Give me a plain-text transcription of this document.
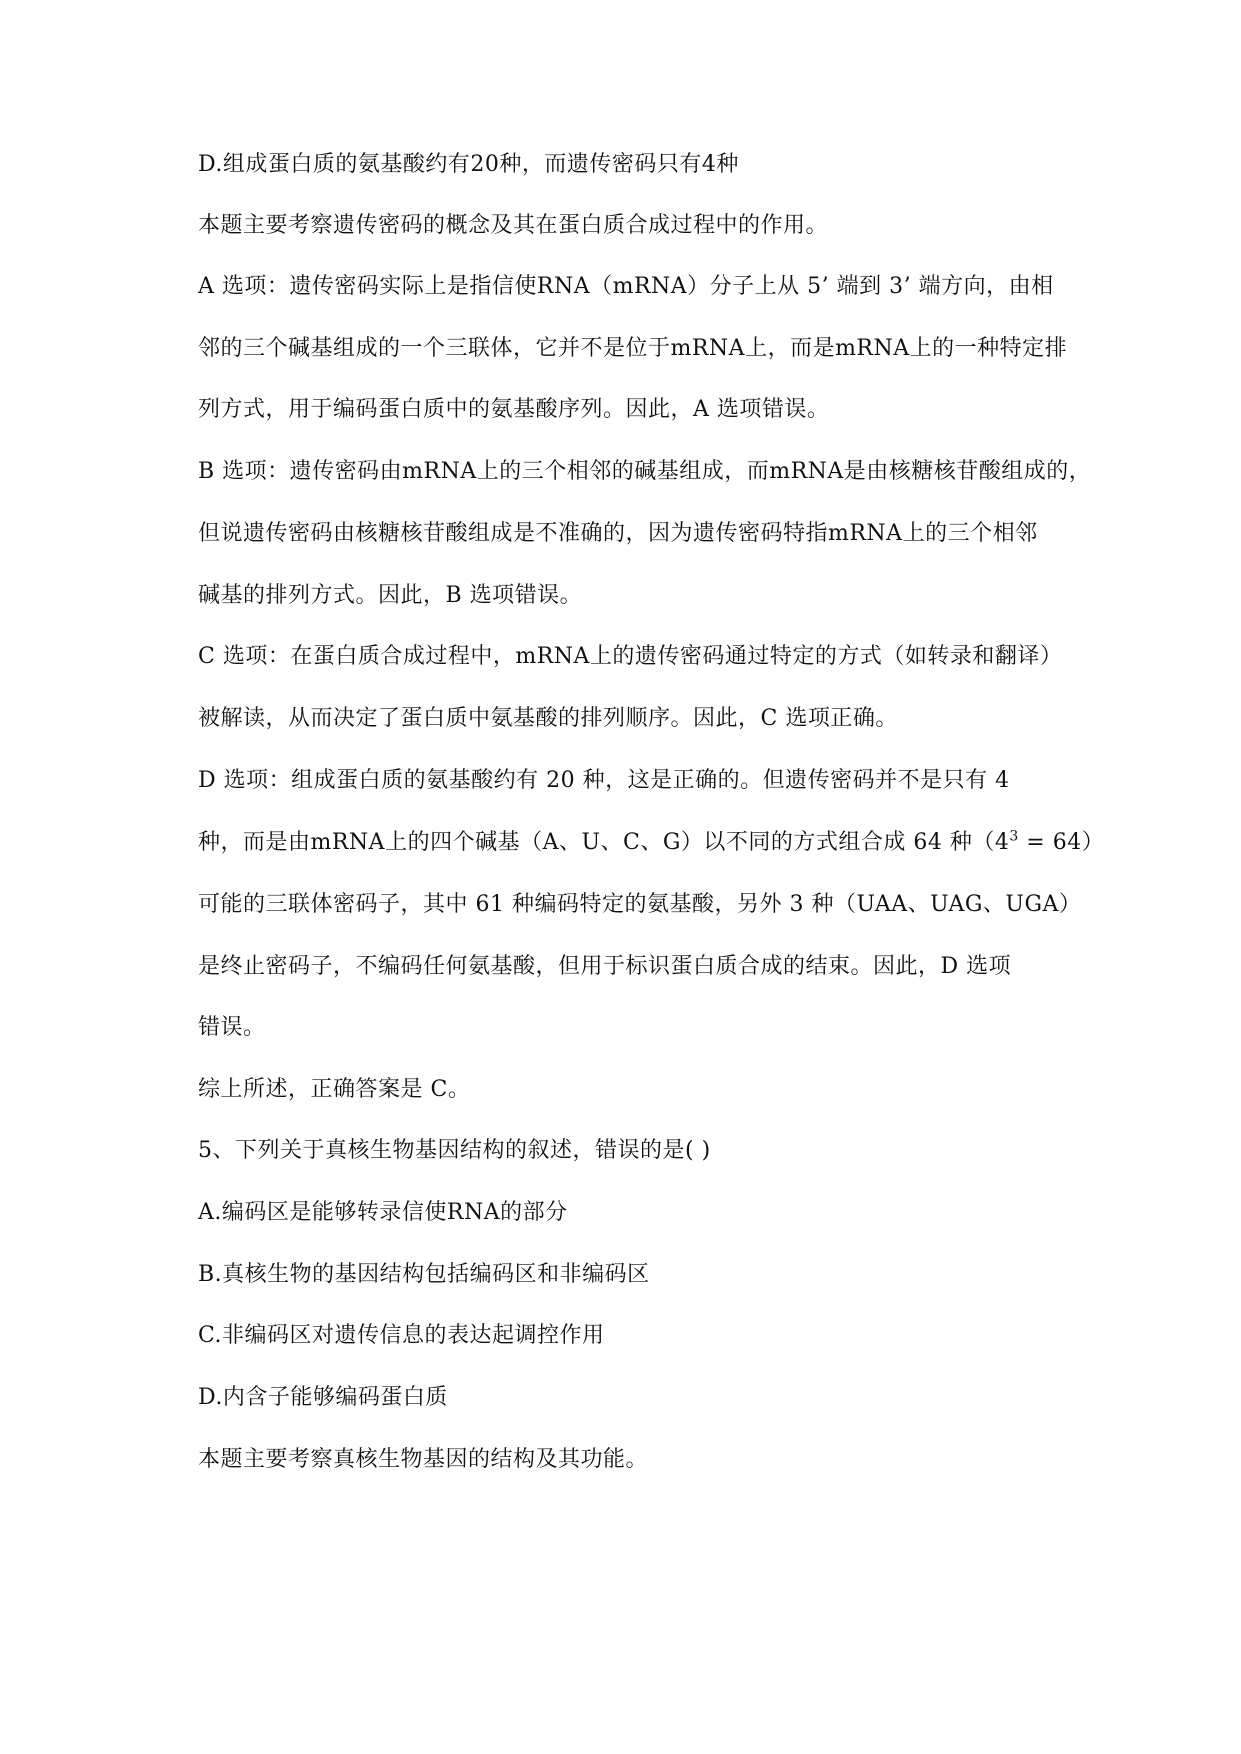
D.组成蛋白质的氨基酸约有20种，而遗传密码只有4种
本题主要考察遗传密码的概念及其在蛋白质合成过程中的作用。
A 选项：遗传密码实际上是指信使RNA（mRNA）分子上从 5’ 端到 3’ 端方向，由相
邻的三个碱基组成的一个三联体，它并不是位于mRNA上，而是mRNA上的一种特定排
列方式，用于编码蛋白质中的氨基酸序列。因此，A 选项错误。
B 选项：遗传密码由mRNA上的三个相邻的碱基组成，而mRNA是由核糖核苷酸组成的，
但说遗传密码由核糖核苷酸组成是不准确的，因为遗传密码特指mRNA上的三个相邻
碱基的排列方式。因此，B 选项错误。
C 选项：在蛋白质合成过程中，mRNA上的遗传密码通过特定的方式（如转录和翻译）
被解读，从而决定了蛋白质中氨基酸的排列顺序。因此，C 选项正确。
D 选项：组成蛋白质的氨基酸约有 20 种，这是正确的。但遗传密码并不是只有 4
种，而是由mRNA上的四个碱基（A、U、C、G）以不同的方式组合成 64 种$(4^3 = 64)$
可能的三联体密码子，其中 61 种编码特定的氨基酸，另外 3 种（UAA、UAG、UGA）
是终止密码子，不编码任何氨基酸，但用于标识蛋白质合成的结束。因此，D 选项
错误。
综上所述，正确答案是 C。
5、下列关于真核生物基因结构的叙述，错误的是( )
A.编码区是能够转录信使RNA的部分
B.真核生物的基因结构包括编码区和非编码区
C.非编码区对遗传信息的表达起调控作用
D.内含子能够编码蛋白质
本题主要考察真核生物基因的结构及其功能。
